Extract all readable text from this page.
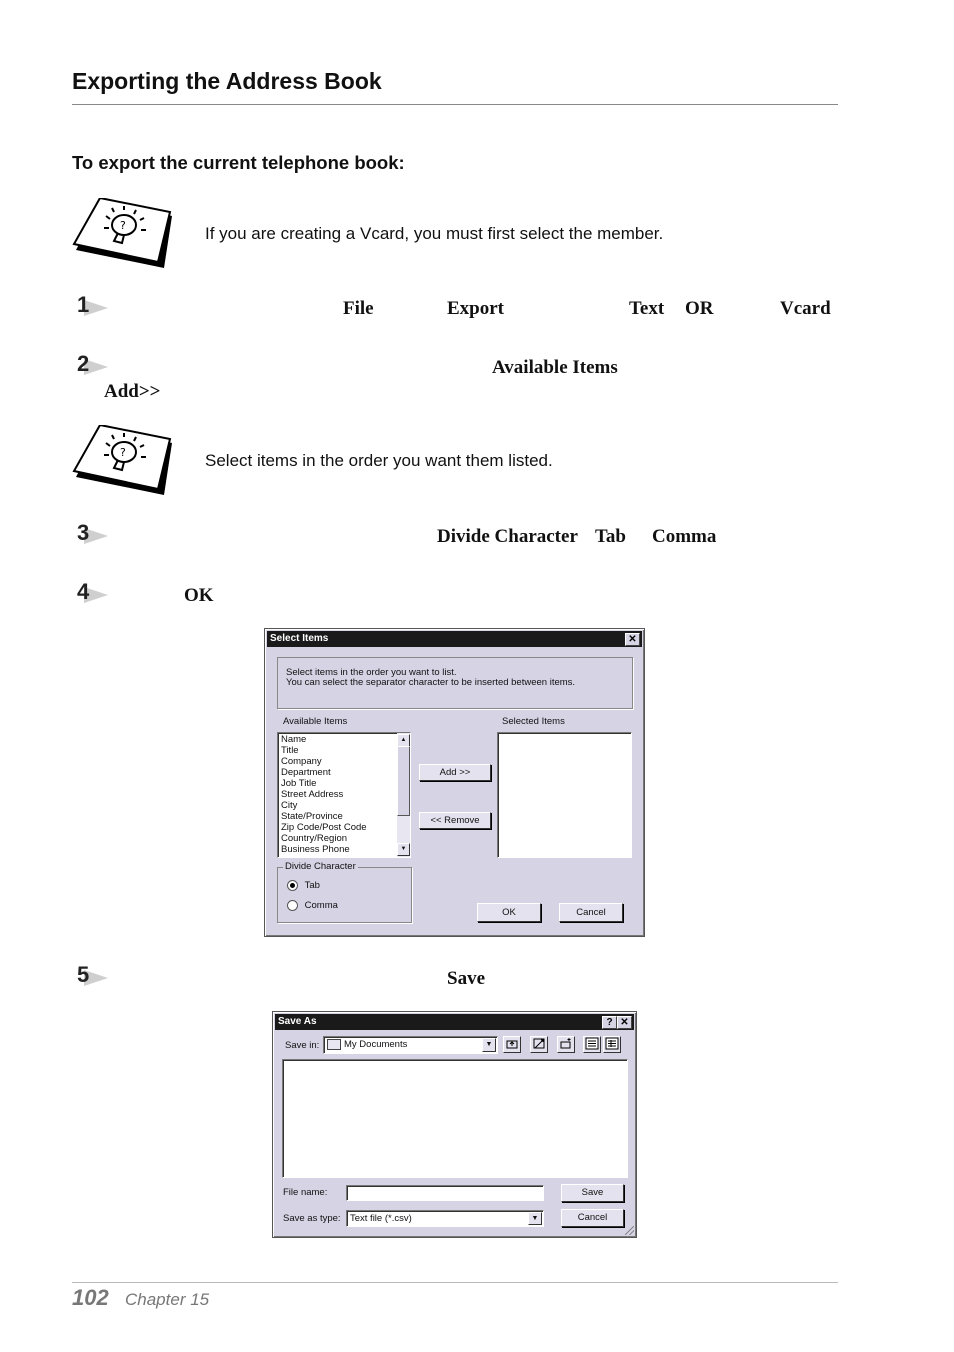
Exporting the Address Book
To export the current telephone book:
?	If you are creating a Vcard, you must first select the member.
1	File	Export	Text OR	Vcard
2	Available Items
Add>>
?	Select items in the order you want them listed.
3	Divide Character Tab Comma
4	OK
Select Items	✕
Select items in the order you want to list.
You can select the separator character to be inserted between items.
Available Items	Selected Items
Name
Title
Company
Department
Job Title
Street Address
City
State/Province
Zip Code/Post Code
Country/Region
Business Phone
▲
▼
Add >>
<< Remove
Divide Character
Tab
Comma
OK	Cancel
5	Save
Save As	? ✕
Save in:	My Documents	▼
File name:	Save
Save as type: Text file (*.csv)	▼	Cancel
102 Chapter 15
